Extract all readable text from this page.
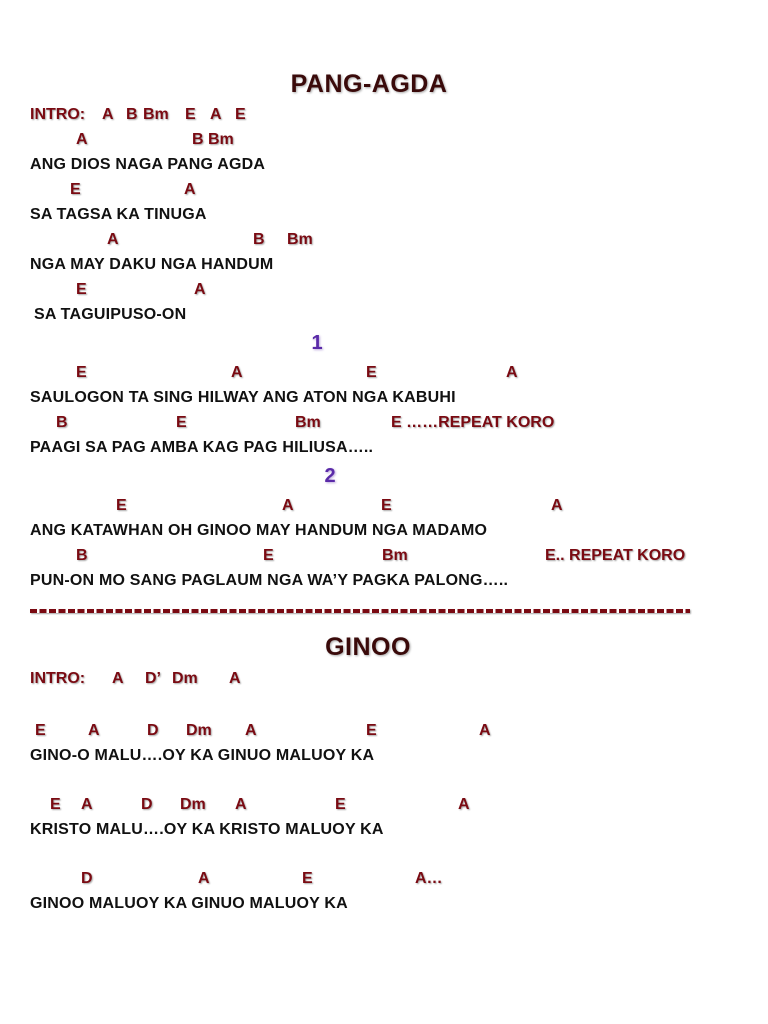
PANG-AGDA
INTRO: A B Bm E A E
A	B Bm
ANG DIOS NAGA PANG AGDA
E	A
SA TAGSA KA TINUGA
A	B Bm
NGA MAY DAKU NGA HANDUM
E	A
SA TAGUIPUSO-ON
1
E	A	E	A
SAULOGON TA SING HILWAY ANG ATON NGA KABUHI
B	E	Bm	E ……REPEAT KORO
PAAGI SA PAG AMBA KAG PAG HILIUSA…..
2
E	A	E	A
ANG KATAWHAN OH GINOO MAY HANDUM NGA MADAMO
B	E	Bm	E.. REPEAT KORO
PUN-ON MO SANG PAGLAUM NGA WA’Y PAGKA PALONG…..
GINOO
INTRO: A D’ Dm A
E	A	D Dm A	E	A
GINO-O MALU….OY KA GINUO MALUOY KA
E A	D Dm A	E	A
KRISTO MALU….OY KA KRISTO MALUOY KA
D	A	E	A…
GINOO MALUOY KA GINUO MALUOY KA
